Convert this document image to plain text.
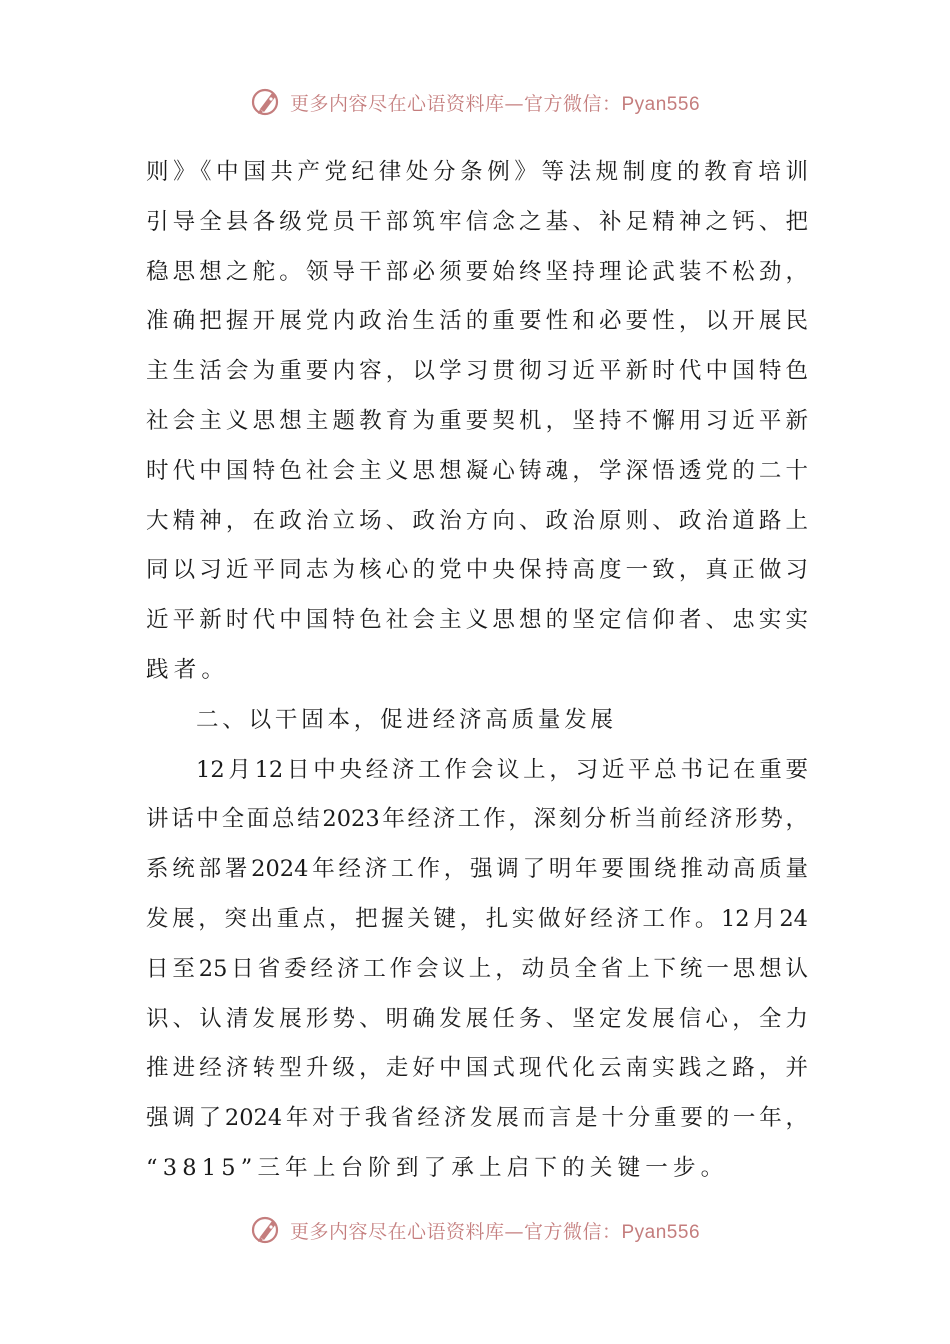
更多内容尽在心语资料库—官方微信：Pyan556
则》《中国共产党纪律处分条例》等法规制度的教育培训
引导全县各级党员干部筑牢信念之基、补足精神之钙、把
稳思想之舵。领导干部必须要始终坚持理论武装不松劲，
准确把握开展党内政治生活的重要性和必要性，以开展民
主生活会为重要内容，以学习贯彻习近平新时代中国特色
社会主义思想主题教育为重要契机，坚持不懈用习近平新
时代中国特色社会主义思想凝心铸魂，学深悟透党的二十
大精神，在政治立场、政治方向、政治原则、政治道路上
同以习近平同志为核心的党中央保持高度一致，真正做习
近平新时代中国特色社会主义思想的坚定信仰者、忠实实
践者。
二、以干固本，促进经济高质量发展
12月12日中央经济工作会议上，习近平总书记在重要
讲话中全面总结2023年经济工作，深刻分析当前经济形势，
系统部署2024年经济工作，强调了明年要围绕推动高质量
发展，突出重点，把握关键，扎实做好经济工作。12月24
日至25日省委经济工作会议上，动员全省上下统一思想认
识、认清发展形势、明确发展任务、坚定发展信心，全力
推进经济转型升级，走好中国式现代化云南实践之路，并
强调了2024年对于我省经济发展而言是十分重要的一年，
“3815”三年上台阶到了承上启下的关键一步。
更多内容尽在心语资料库—官方微信：Pyan556
